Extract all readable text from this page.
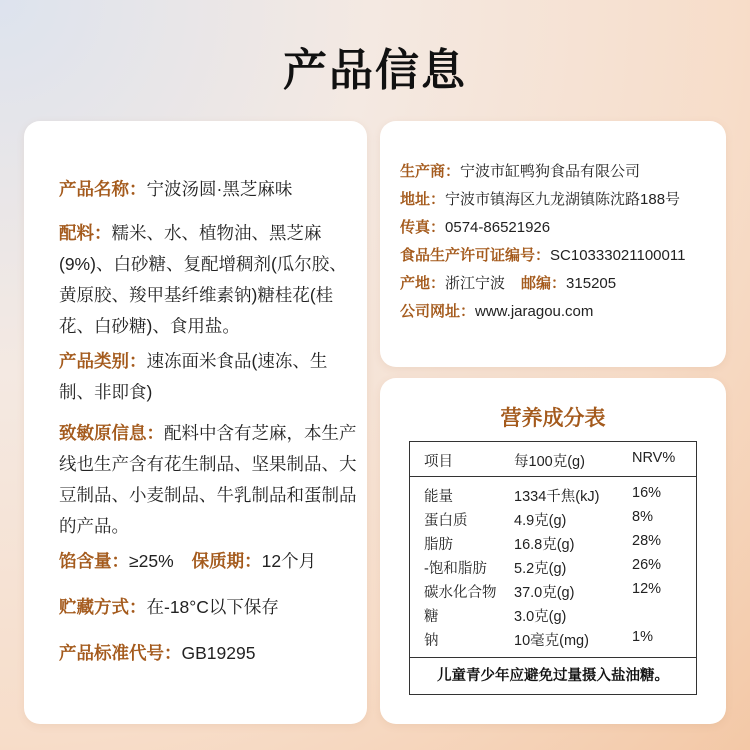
产品信息
产品名称：宁波汤圆·黑芝麻味
配料：糯米、水、植物油、黑芝麻(9%)、白砂糖、复配增稠剂(瓜尔胶、黄原胶、羧甲基纤维素钠)糖桂花(桂花、白砂糖)、食用盐。
产品类别：速冻面米食品(速冻、生制、非即食)
致敏原信息：配料中含有芝麻，本生产线也生产含有花生制品、坚果制品、大豆制品、小麦制品、牛乳制品和蛋制品的产品。
馅含量：≥25% 保质期：12个月
贮藏方式：在-18°C以下保存
产品标准代号：GB19295
生产商：宁波市缸鸭狗食品有限公司
地址：宁波市镇海区九龙湖镇陈沈路188号
传真：0574-86521926
食品生产许可证编号：SC10333021100011
产地：浙江宁波 邮编：315205
公司网址：www.jaragou.com
营养成分表
项目	每100克(g)	NRV%
能量	1334千焦(kJ) 16%
蛋白质	4.9克(g)	8%
脂肪	16.8克(g)	28%
-饱和脂肪 5.2克(g)	26%
碳水化合物 37.0克(g)	12%
糖	3.0克(g)
钠	10毫克(mg)	1%
儿童青少年应避免过量摄入盐油糖。
